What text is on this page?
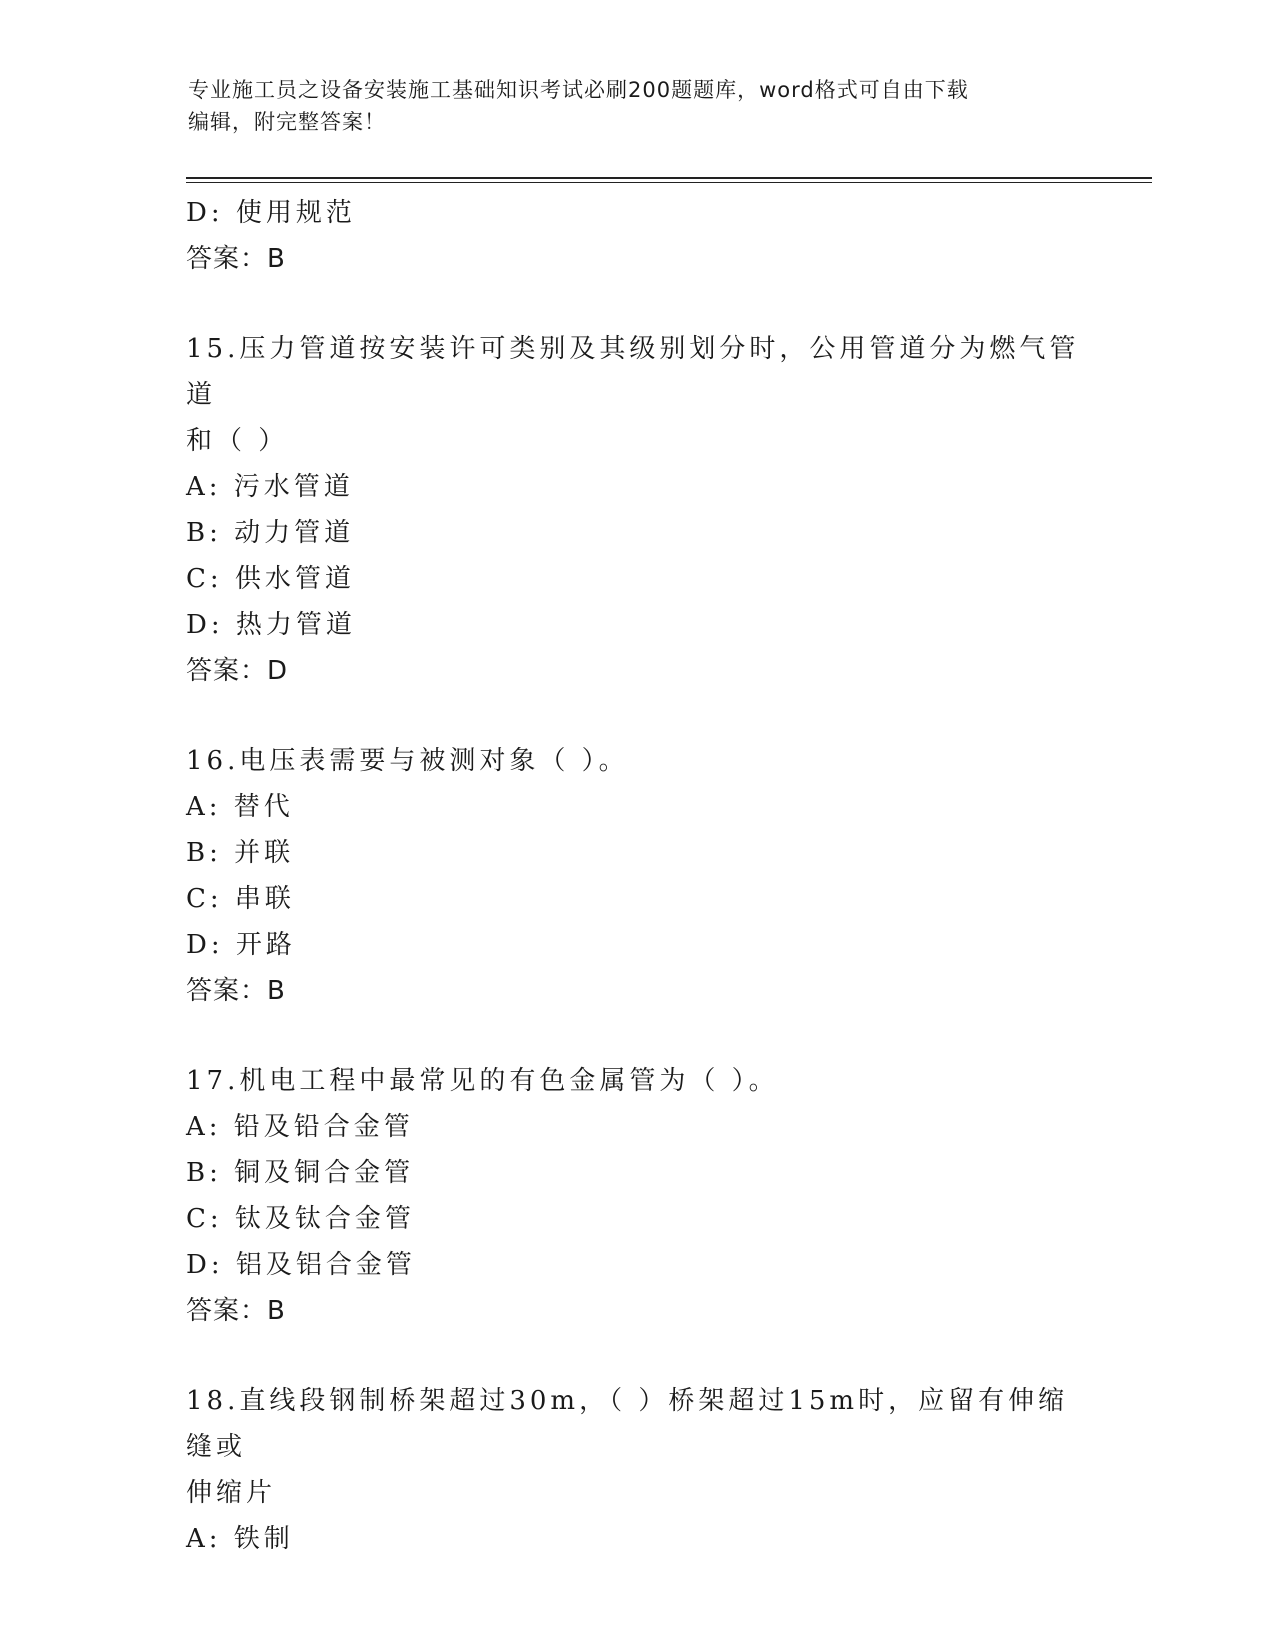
专业施工员之设备安装施工基础知识考试必刷200题题库，word格式可自由下载
编辑，附完整答案！

D: 使用规范

答案：B

15.压力管道按安装许可类别及其级别划分时，公用管道分为燃气管道

和（ ）

A: 污水管道

B: 动力管道

C: 供水管道

D: 热力管道

答案：D

16.电压表需要与被测对象（ ）。

A: 替代

B: 并联

C: 串联

D: 开路

答案：B

17.机电工程中最常见的有色金属管为（ ）。

A: 铅及铅合金管

B: 铜及铜合金管

C: 钛及钛合金管

D: 铝及铝合金管

答案：B

18.直线段钢制桥架超过30m，（ ）桥架超过15m时，应留有伸缩缝或

伸缩片

A: 铁制
